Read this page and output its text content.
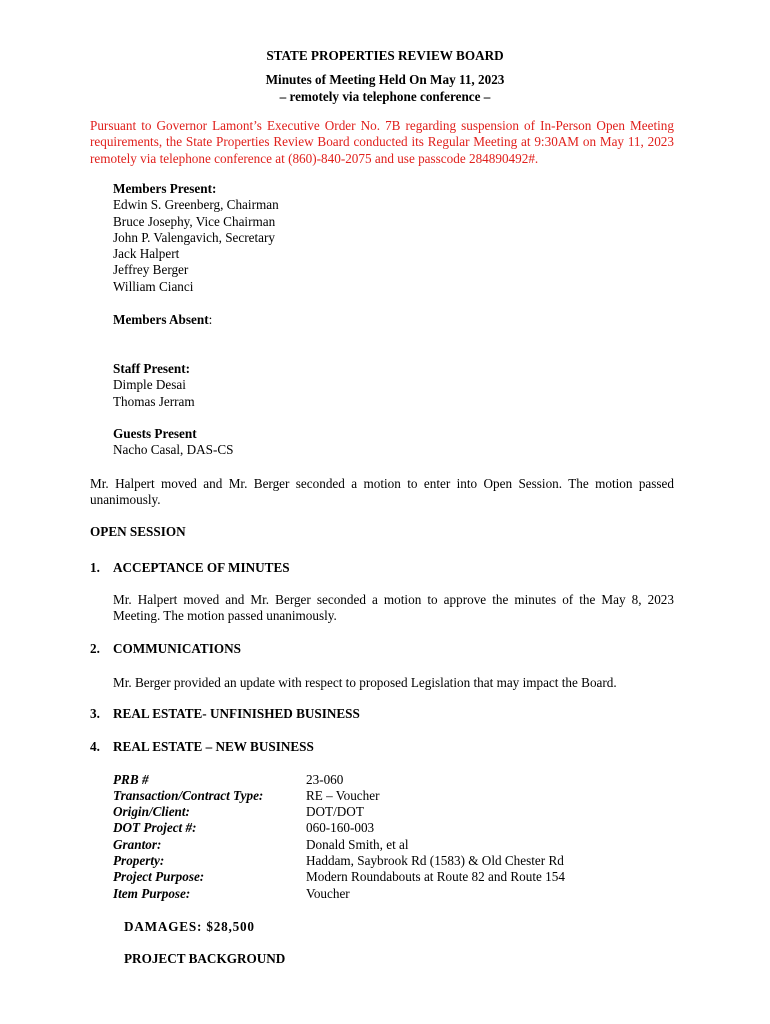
STATE PROPERTIES REVIEW BOARD
Minutes of Meeting Held On May 11, 2023
– remotely via telephone conference –
Pursuant to Governor Lamont’s Executive Order No. 7B regarding suspension of In-Person Open Meeting requirements, the State Properties Review Board conducted its Regular Meeting at 9:30AM on May 11, 2023 remotely via telephone conference at (860)-840-2075 and use passcode 284890492#.
Members Present:
Edwin S. Greenberg, Chairman
Bruce Josephy, Vice Chairman
John P. Valengavich, Secretary
Jack Halpert
Jeffrey Berger
William Cianci
Members Absent:
Staff Present:
Dimple Desai
Thomas Jerram
Guests Present
Nacho Casal, DAS-CS
Mr. Halpert moved and Mr. Berger seconded a motion to enter into Open Session. The motion passed unanimously.
OPEN SESSION
1. ACCEPTANCE OF MINUTES
Mr. Halpert moved and Mr. Berger seconded a motion to approve the minutes of the May 8, 2023 Meeting. The motion passed unanimously.
2. COMMUNICATIONS
Mr. Berger provided an update with respect to proposed Legislation that may impact the Board.
3. REAL ESTATE- UNFINISHED BUSINESS
4. REAL ESTATE – NEW BUSINESS
PRB #	23-060
Transaction/Contract Type:	RE – Voucher
Origin/Client:	DOT/DOT
DOT Project #:	060-160-003
Grantor:	Donald Smith, et al
Property:	Haddam, Saybrook Rd (1583) & Old Chester Rd
Project Purpose:	Modern Roundabouts at Route 82 and Route 154
Item Purpose:	Voucher
DAMAGES: $28,500
PROJECT BACKGROUND
